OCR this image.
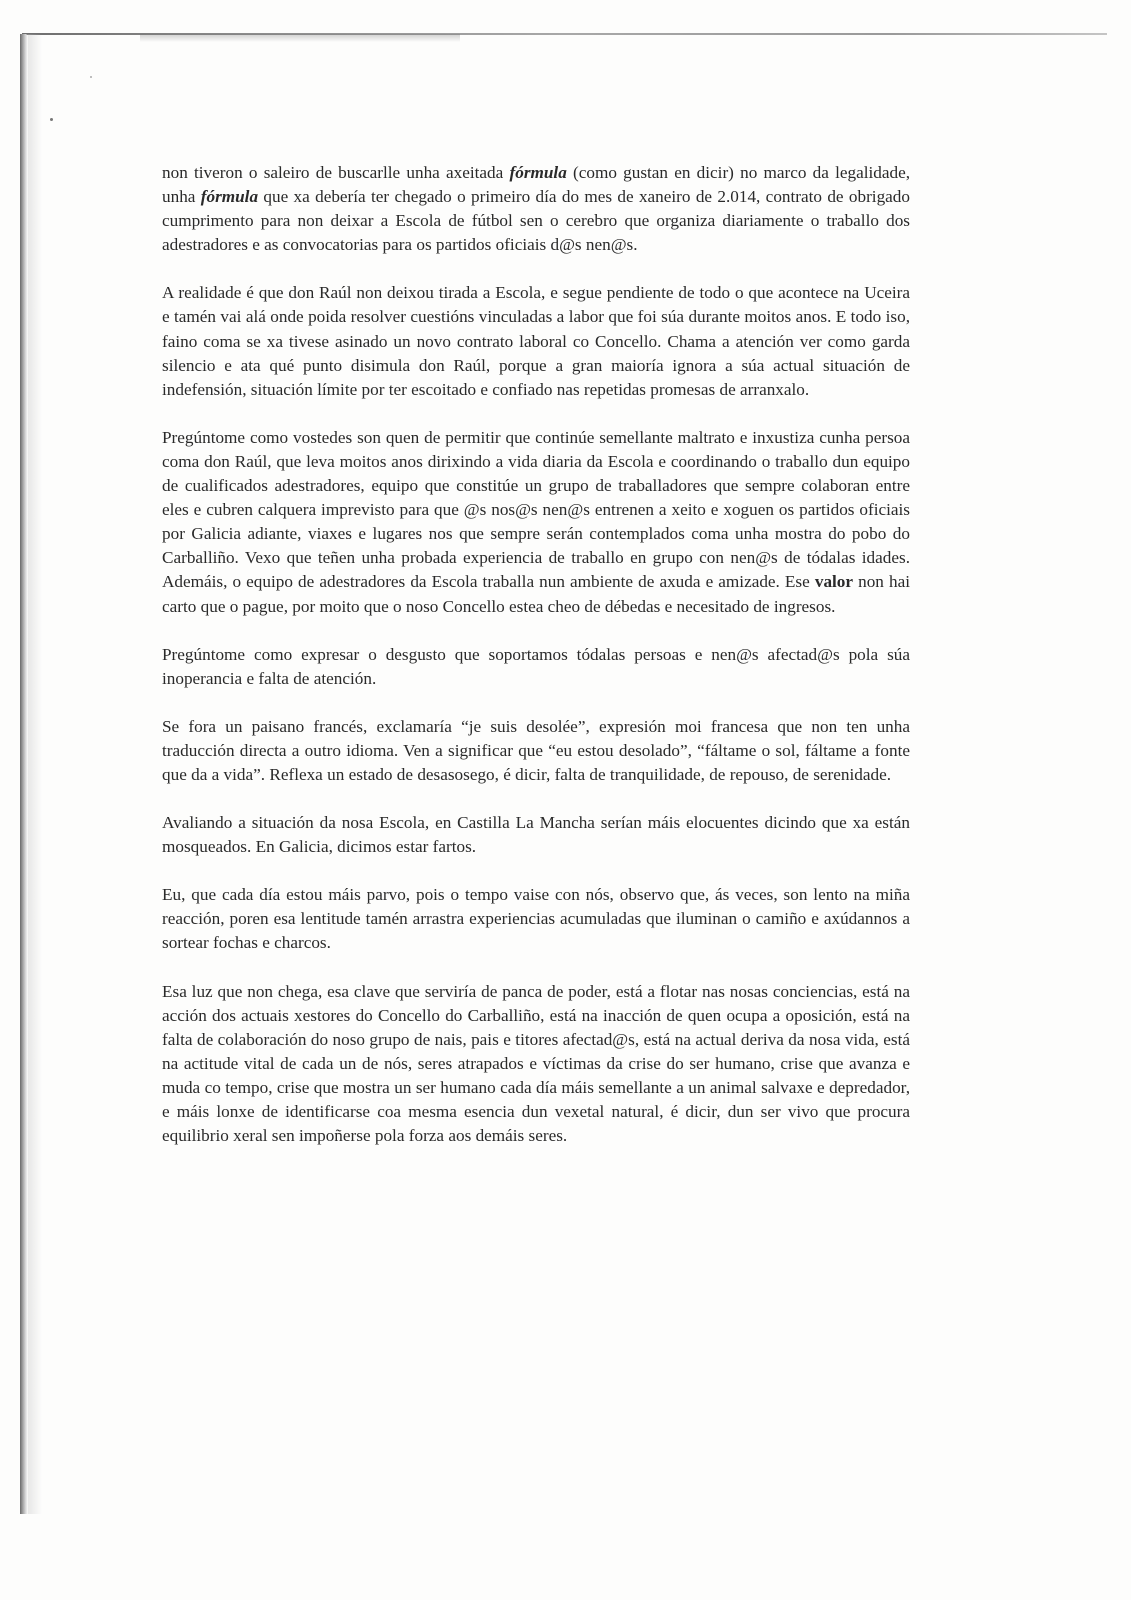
non tiveron o saleiro de buscarlle unha axeitada fórmula (como gustan en dicir) no marco da legalidade, unha fórmula que xa debería ter chegado o primeiro día do mes de xaneiro de 2.014, contrato de obrigado cumprimento para non deixar a Escola de fútbol sen o cerebro que organiza diariamente o traballo dos adestradores e as convocatorias para os partidos oficiais d@s nen@s.

A realidade é que don Raúl non deixou tirada a Escola, e segue pendiente de todo o que acontece na Uceira e tamén vai alá onde poida resolver cuestións vinculadas a labor que foi súa durante moitos anos. E todo iso, faino coma se xa tivese asinado un novo contrato laboral co Concello. Chama a atención ver como garda silencio e ata qué punto disimula don Raúl, porque a gran maioría ignora a súa actual situación de indefensión, situación límite por ter escoitado e confiado nas repetidas promesas de arranxalo.

Pregúntome como vostedes son quen de permitir que continúe semellante maltrato e inxustiza cunha persoa coma don Raúl, que leva moitos anos dirixindo a vida diaria da Escola e coordinando o traballo dun equipo de cualificados adestradores, equipo que constitúe un grupo de traballadores que sempre colaboran entre eles e cubren calquera imprevisto para que @s nos@s nen@s entrenen a xeito e xoguen os partidos oficiais por Galicia adiante, viaxes e lugares nos que sempre serán contemplados coma unha mostra do pobo do Carballiño. Vexo que teñen unha probada experiencia de traballo en grupo con nen@s de tódalas idades. Ademáis, o equipo de adestradores da Escola traballa nun ambiente de axuda e amizade. Ese valor non hai carto que o pague, por moito que o noso Concello estea cheo de débedas e necesitado de ingresos.

Pregúntome como expresar o desgusto que soportamos tódalas persoas e nen@s afectad@s pola súa inoperancia e falta de atención.

Se fora un paisano francés, exclamaría “je suis desolée”, expresión moi francesa que non ten unha traducción directa a outro idioma. Ven a significar que “eu estou desolado”, “fáltame o sol, fáltame a fonte que da a vida”. Reflexa un estado de desasosego, é dicir, falta de tranquilidade, de repouso, de serenidade.

Avaliando a situación da nosa Escola, en Castilla La Mancha serían máis elocuentes dicindo que xa están mosqueados. En Galicia, dicimos estar fartos.

Eu, que cada día estou máis parvo, pois o tempo vaise con nós, observo que, ás veces, son lento na miña reacción, poren esa lentitude tamén arrastra experiencias acumuladas que iluminan o camiño e axúdannos a sortear fochas e charcos.

Esa luz que non chega, esa clave que serviría de panca de poder, está a flotar nas nosas conciencias, está na acción dos actuais xestores do Concello do Carballiño, está na inacción de quen ocupa a oposición, está na falta de colaboración do noso grupo de nais, pais e titores afectad@s, está na actual deriva da nosa vida, está na actitude vital de cada un de nós, seres atrapados e víctimas da crise do ser humano, crise que avanza e muda co tempo, crise que mostra un ser humano cada día máis semellante a un animal salvaxe e depredador, e máis lonxe de identificarse coa mesma esencia dun vexetal natural, é dicir, dun ser vivo que procura equilibrio xeral sen impoñerse pola forza aos demáis seres.
